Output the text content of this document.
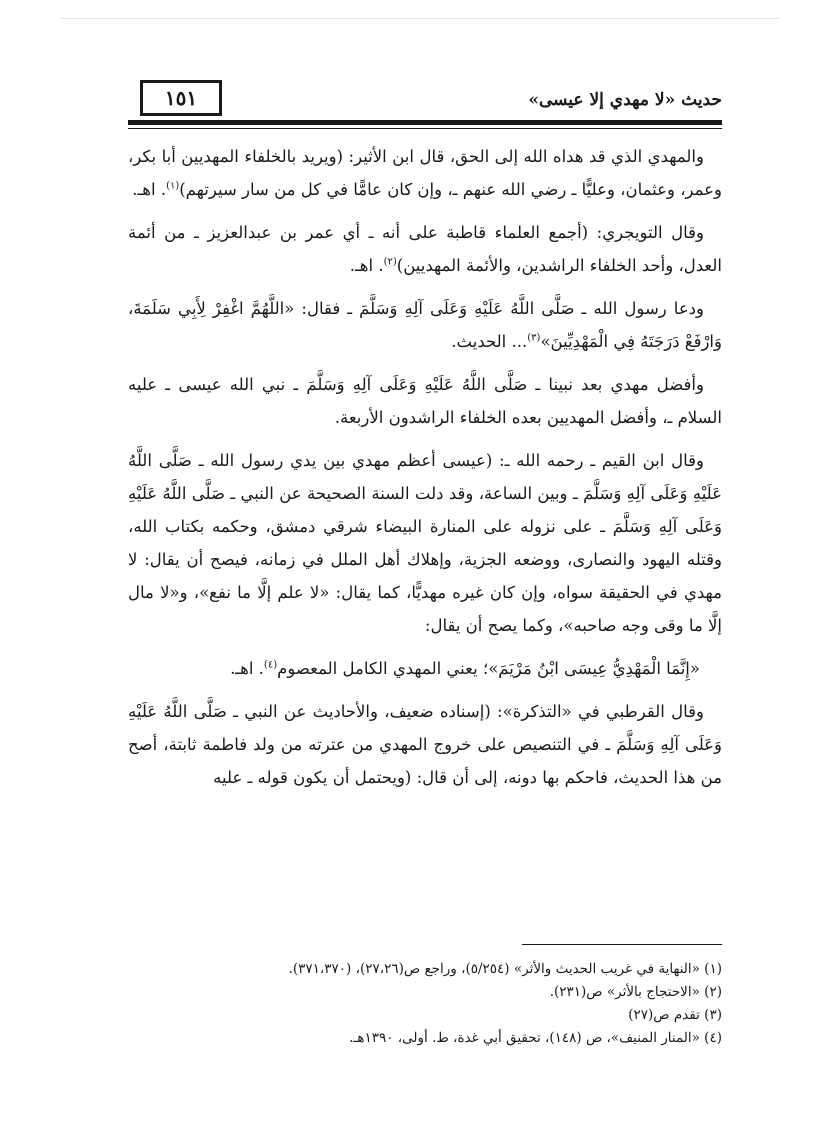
١٥١	حديث «لا مهدي إلا عيسى»

والمهدي الذي قد هداه الله إلى الحق، قال ابن الأثير: (ويريد بالخلفاء المهديين أبا بكر، وعمر، وعثمان، وعليًّا ـ رضي الله عنهم ـ، وإن كان عامًّا في كل من سار سيرتهم)$^{(١)}$. اهـ.

وقال التويجري: (أجمع العلماء قاطبة على أنه ـ أي عمر بن عبدالعزيز ـ من أئمة العدل، وأحد الخلفاء الراشدين، والأئمة المهديين)$^{(٢)}$. اهـ.

ودعا رسول الله ـ صَلَّى اللَّهُ عَلَيْهِ وَعَلَى آلِهِ وَسَلَّمَ ـ فقال: «اللَّهُمَّ اغْفِرْ لِأَبِي سَلَمَةَ، وَارْفَعْ دَرَجَتَهُ فِي الْمَهْدِيِّينَ»$^{(٣)}$... الحديث.

وأفضل مهدي بعد نبينا ـ صَلَّى اللَّهُ عَلَيْهِ وَعَلَى آلِهِ وَسَلَّمَ ـ نبي الله عيسى ـ عليه السلام ـ، وأفضل المهديين بعده الخلفاء الراشدون الأربعة.

وقال ابن القيم ـ رحمه الله ـ: (عيسى أعظم مهدي بين يدي رسول الله ـ صَلَّى اللَّهُ عَلَيْهِ وَعَلَى آلِهِ وَسَلَّمَ ـ وبين الساعة، وقد دلت السنة الصحيحة عن النبي ـ صَلَّى اللَّهُ عَلَيْهِ وَعَلَى آلِهِ وَسَلَّمَ ـ على نزوله على المنارة البيضاء شرقي دمشق، وحكمه بكتاب الله، وقتله اليهود والنصارى، ووضعه الجزية، وإهلاك أهل الملل في زمانه، فيصح أن يقال: لا مهدي في الحقيقة سواه، وإن كان غيره مهديًّا، كما يقال: «لا علم إلَّا ما نفع»، و«لا مال إلَّا ما وقى وجه صاحبه»، وكما يصح أن يقال:

«إِنَّمَا الْمَهْدِيُّ عِيسَى ابْنُ مَرْيَمَ»؛ يعني المهدي الكامل المعصوم$^{(٤)}$. اهـ.

وقال القرطبي في «التذكرة»: (إسناده ضعيف، والأحاديث عن النبي ـ صَلَّى اللَّهُ عَلَيْهِ وَعَلَى آلِهِ وَسَلَّمَ ـ في التنصيص على خروج المهدي من عترته من ولد فاطمة ثابتة، أصح من هذا الحديث، فاحكم بها دونه، إلى أن قال: (ويحتمل أن يكون قوله ـ عليه

(١) «النهاية في غريب الحديث والأثر» (٥/٢٥٤)، وراجع ص(٢٧،٢٦)، (٣٧١،٣٧٠).
(٢) «الاحتجاج بالأثر» ص(٢٣١).
(٣) تقدم ص(٢٧)
(٤) «المنار المنيف»، ص (١٤٨)، تحقيق أبي غدة، ط. أولى، ١٣٩٠هـ.
